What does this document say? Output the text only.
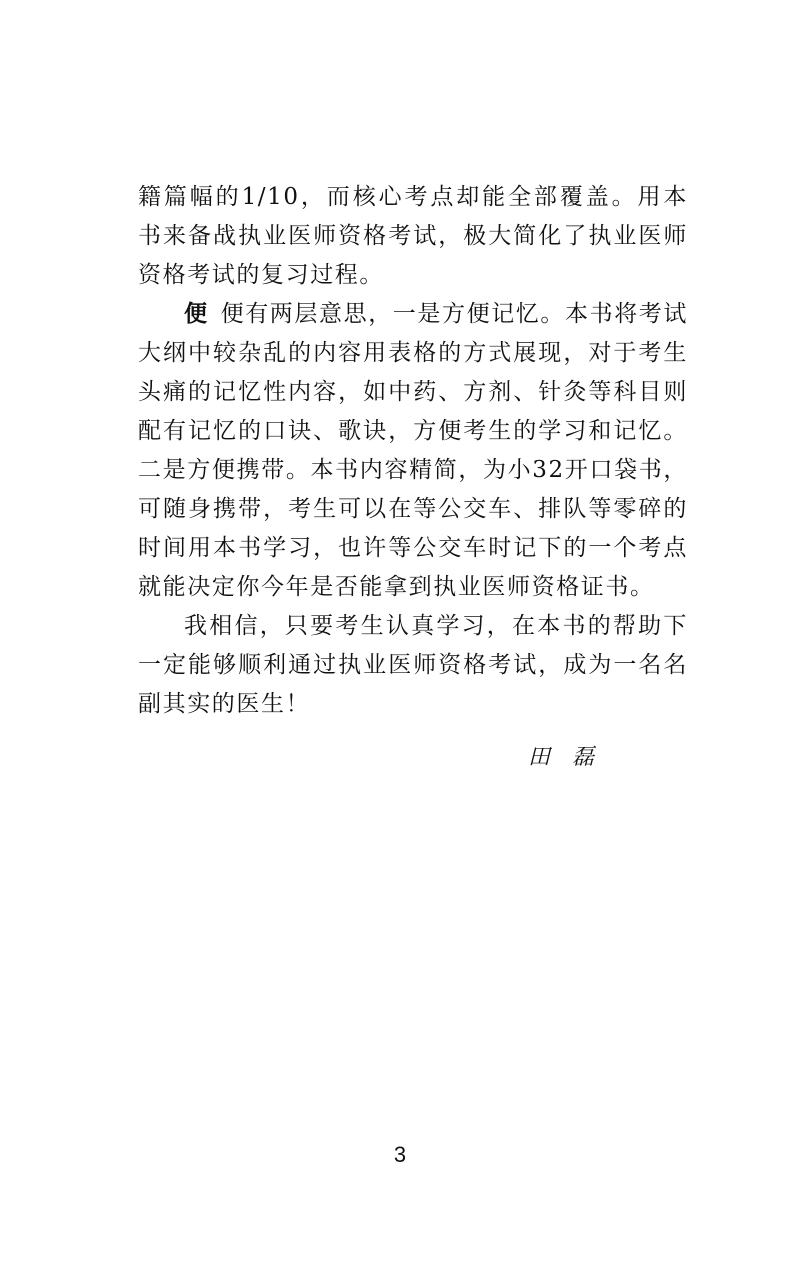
籍篇幅的1/10，而核心考点却能全部覆盖。用本书来备战执业医师资格考试，极大简化了执业医师资格考试的复习过程。

便 便有两层意思，一是方便记忆。本书将考试大纲中较杂乱的内容用表格的方式展现，对于考生头痛的记忆性内容，如中药、方剂、针灸等科目则配有记忆的口诀、歌诀，方便考生的学习和记忆。二是方便携带。本书内容精简，为小32开口袋书，可随身携带，考生可以在等公交车、排队等零碎的时间用本书学习，也许等公交车时记下的一个考点就能决定你今年是否能拿到执业医师资格证书。

我相信，只要考生认真学习，在本书的帮助下一定能够顺利通过执业医师资格考试，成为一名名副其实的医生！

田磊
3
